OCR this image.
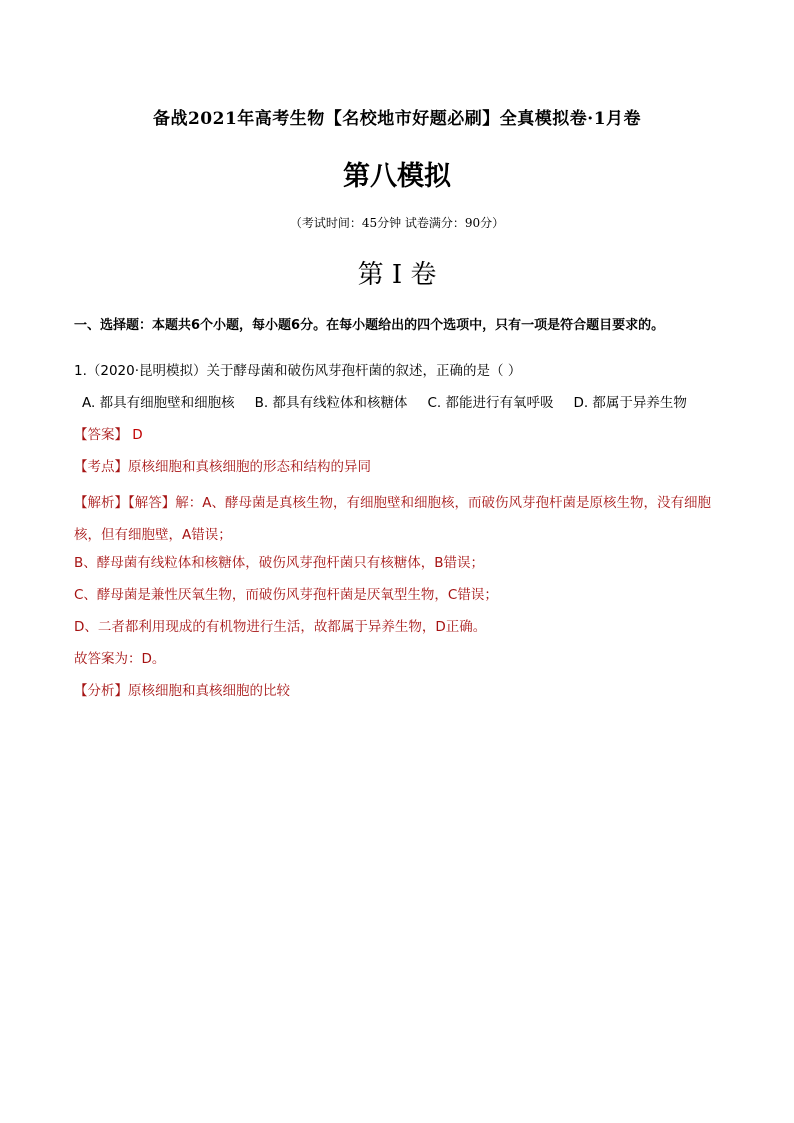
备战2021年高考生物【名校地市好题必刷】全真模拟卷·1月卷
第八模拟
（考试时间：45分钟 试卷满分：90分）
第 I 卷
一、选择题：本题共6个小题，每小题6分。在每小题给出的四个选项中，只有一项是符合题目要求的。
1.（2020·昆明模拟）关于酵母菌和破伤风芽孢杆菌的叙述，正确的是（ ）
A. 都具有细胞壁和细胞核 B. 都具有线粒体和核糖体 C. 都能进行有氧呼吸 D. 都属于异养生物
【答案】 D
【考点】原核细胞和真核细胞的形态和结构的异同
【解析】【解答】解：A、酵母菌是真核生物，有细胞壁和细胞核，而破伤风芽孢杆菌是原核生物，没有细胞核，但有细胞壁，A错误；
B、酵母菌有线粒体和核糖体，破伤风芽孢杆菌只有核糖体，B错误；
C、酵母菌是兼性厌氧生物，而破伤风芽孢杆菌是厌氧型生物，C错误；
D、二者都利用现成的有机物进行生活，故都属于异养生物，D正确。
故答案为：D。
【分析】原核细胞和真核细胞的比较
